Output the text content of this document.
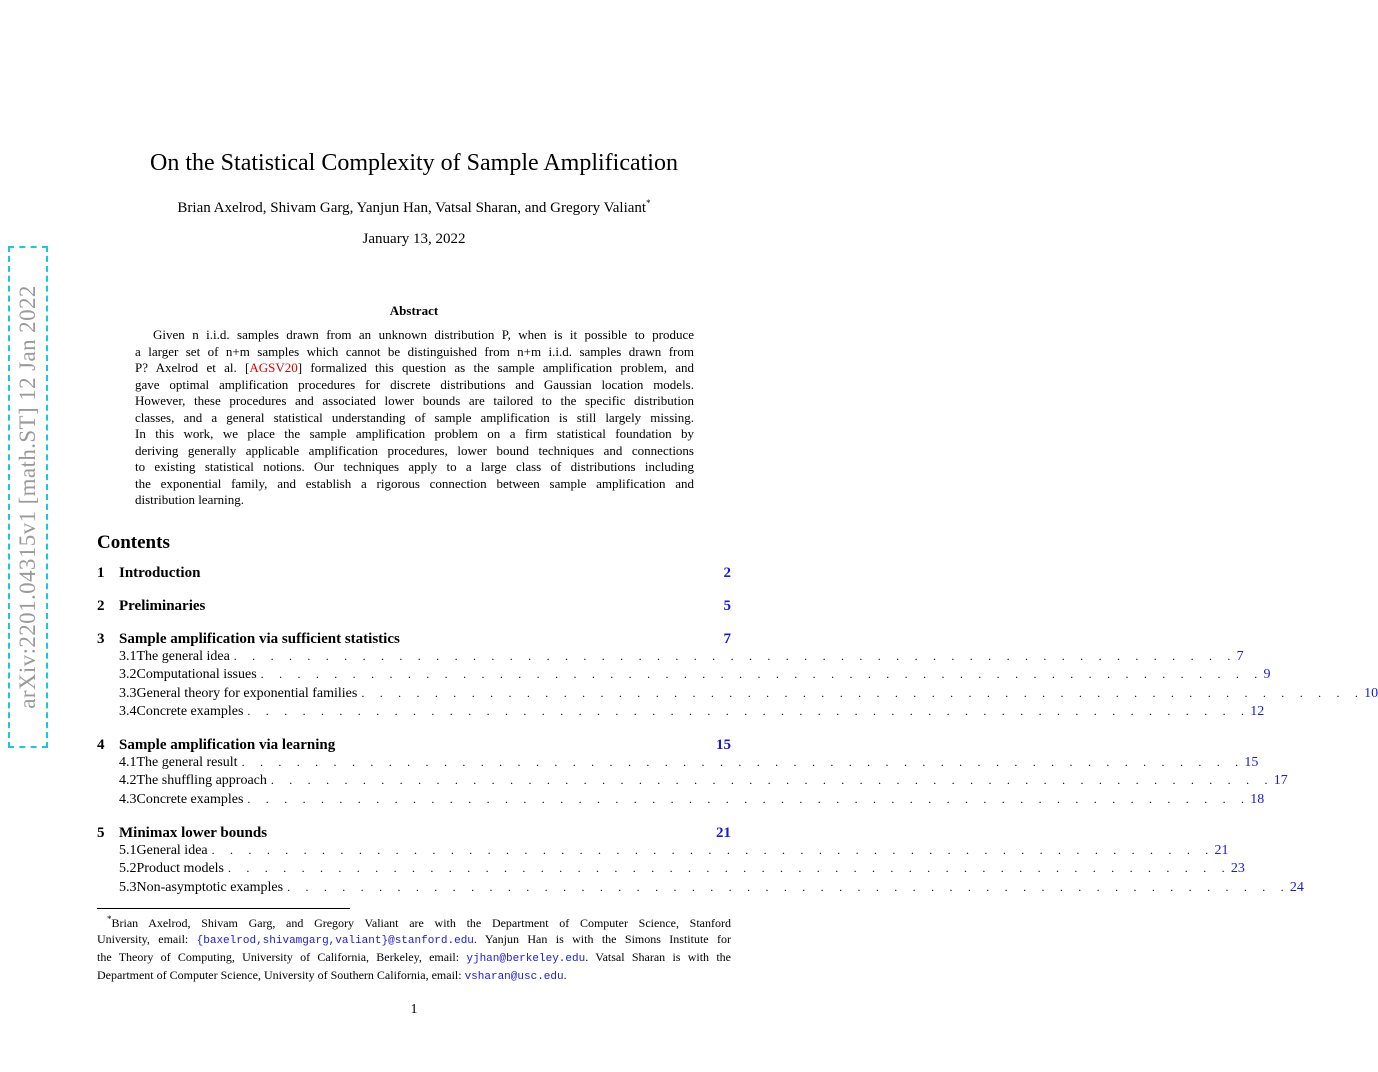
arXiv:2201.04315v1 [math.ST] 12 Jan 2022
On the Statistical Complexity of Sample Amplification
Brian Axelrod, Shivam Garg, Yanjun Han, Vatsal Sharan, and Gregory Valiant*
January 13, 2022
Abstract
Given n i.i.d. samples drawn from an unknown distribution P, when is it possible to produce
a larger set of n+m samples which cannot be distinguished from n+m i.i.d. samples drawn from
P? Axelrod et al. [AGSV20] formalized this question as the sample amplification problem, and
gave optimal amplification procedures for discrete distributions and Gaussian location models.
However, these procedures and associated lower bounds are tailored to the specific distribution
classes, and a general statistical understanding of sample amplification is still largely missing.
In this work, we place the sample amplification problem on a firm statistical foundation by
deriving generally applicable amplification procedures, lower bound techniques and connections
to existing statistical notions. Our techniques apply to a large class of distributions including
the exponential family, and establish a rigorous connection between sample amplification and
distribution learning.
Contents
1 Introduction	2
2 Preliminaries	5
3 Sample amplification via sufficient statistics	7
3.1 The general idea . . . . . . . . . . . . . . . . . . . . . . . . . . . . . . . . . . . . . . . . . . . . . . . . . . . . . . . 7
3.2 Computational issues . . . . . . . . . . . . . . . . . . . . . . . . . . . . . . . . . . . . . . . . . . . . . . . . . . . . . . . 9
3.3 General theory for exponential families . . . . . . . . . . . . . . . . . . . . . . . . . . . . . . . . . . . . . . . . . . . . . . . . . . . . . . . 10
3.4 Concrete examples . . . . . . . . . . . . . . . . . . . . . . . . . . . . . . . . . . . . . . . . . . . . . . . . . . . . . . . 12
4 Sample amplification via learning	15
4.1 The general result . . . . . . . . . . . . . . . . . . . . . . . . . . . . . . . . . . . . . . . . . . . . . . . . . . . . . . . 15
4.2 The shuffling approach . . . . . . . . . . . . . . . . . . . . . . . . . . . . . . . . . . . . . . . . . . . . . . . . . . . . . . . 17
4.3 Concrete examples . . . . . . . . . . . . . . . . . . . . . . . . . . . . . . . . . . . . . . . . . . . . . . . . . . . . . . . 18
5 Minimax lower bounds	21
5.1 General idea . . . . . . . . . . . . . . . . . . . . . . . . . . . . . . . . . . . . . . . . . . . . . . . . . . . . . . . 21
5.2 Product models . . . . . . . . . . . . . . . . . . . . . . . . . . . . . . . . . . . . . . . . . . . . . . . . . . . . . . . 23
5.3 Non-asymptotic examples . . . . . . . . . . . . . . . . . . . . . . . . . . . . . . . . . . . . . . . . . . . . . . . . . . . . . . . 24
*Brian Axelrod, Shivam Garg, and Gregory Valiant are with the Department of Computer Science, Stanford
University, email: {baxelrod,shivamgarg,valiant}@stanford.edu. Yanjun Han is with the Simons Institute for
the Theory of Computing, University of California, Berkeley, email: yjhan@berkeley.edu. Vatsal Sharan is with the
Department of Computer Science, University of Southern California, email: vsharan@usc.edu.
1
